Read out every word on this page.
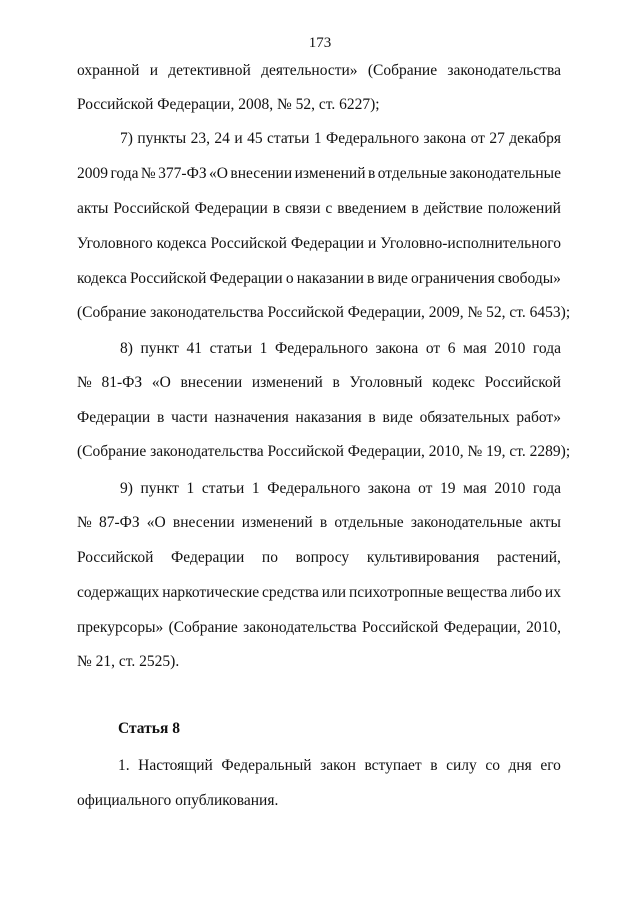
173
охранной и детективной деятельности» (Собрание законодательства
Российской Федерации, 2008, № 52, ст. 6227);
7) пункты 23, 24 и 45 статьи 1 Федерального закона от 27 декабря
2009 года № 377-ФЗ «О внесении изменений в отдельные законодательные
акты Российской Федерации в связи с введением в действие положений
Уголовного кодекса Российской Федерации и Уголовно-исполнительного
кодекса Российской Федерации о наказании в виде ограничения свободы»
(Собрание законодательства Российской Федерации, 2009, № 52, ст. 6453);
8) пункт 41 статьи 1 Федерального закона от 6 мая 2010 года
№ 81-ФЗ «О внесении изменений в Уголовный кодекс Российской
Федерации в части назначения наказания в виде обязательных работ»
(Собрание законодательства Российской Федерации, 2010, № 19, ст. 2289);
9) пункт 1 статьи 1 Федерального закона от 19 мая 2010 года
№ 87-ФЗ «О внесении изменений в отдельные законодательные акты
Российской Федерации по вопросу культивирования растений,
содержащих наркотические средства или психотропные вещества либо их
прекурсоры» (Собрание законодательства Российской Федерации, 2010,
№ 21, ст. 2525).
Статья 8
1. Настоящий Федеральный закон вступает в силу со дня его
официального опубликования.
